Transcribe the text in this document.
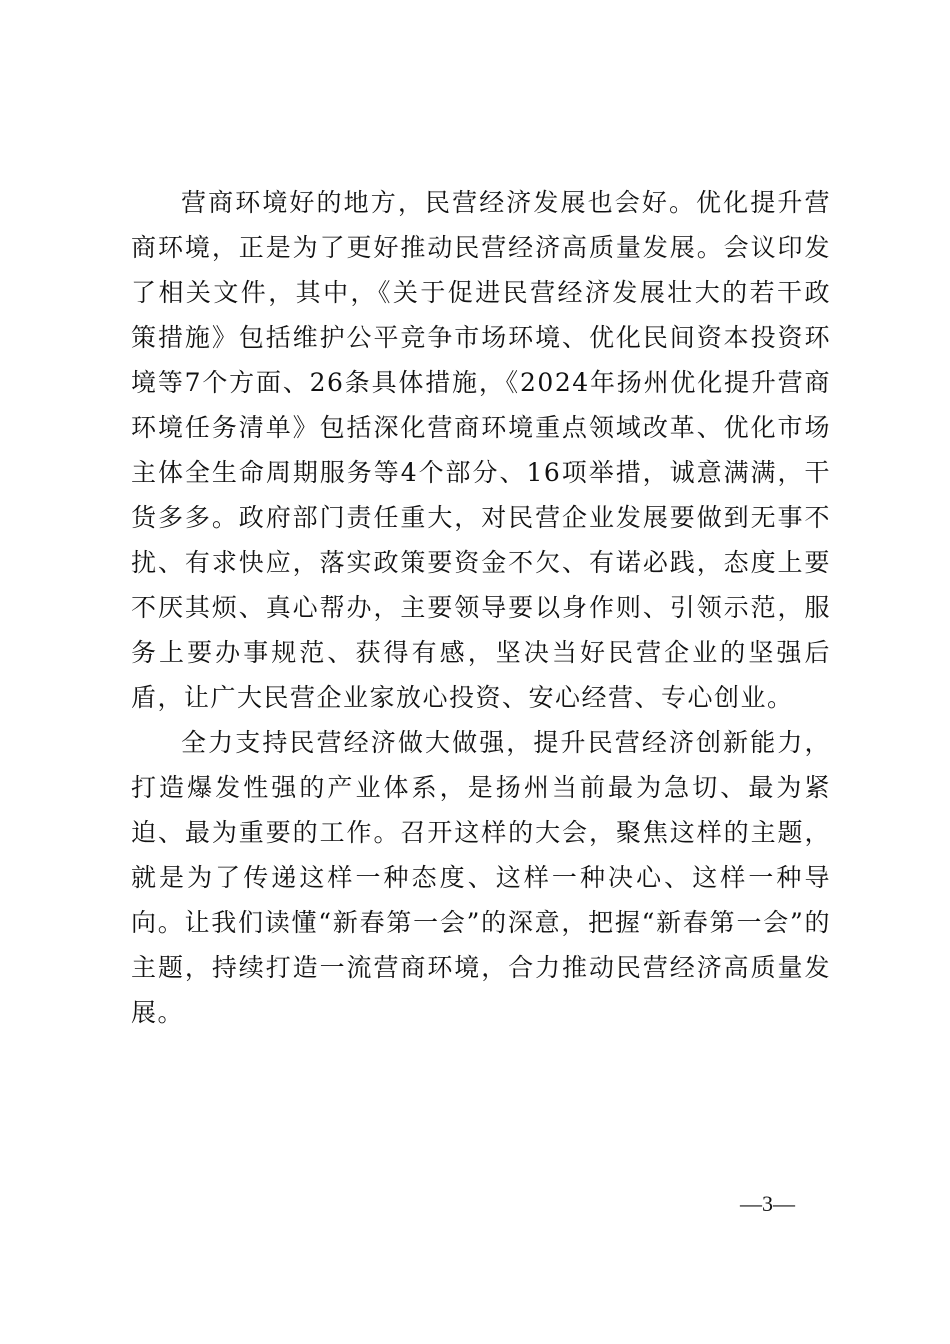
营商环境好的地方，民营经济发展也会好。优化提升营商环境，正是为了更好推动民营经济高质量发展。会议印发了相关文件，其中，《关于促进民营经济发展壮大的若干政策措施》包括维护公平竞争市场环境、优化民间资本投资环境等7个方面、26条具体措施，《2024年扬州优化提升营商环境任务清单》包括深化营商环境重点领域改革、优化市场主体全生命周期服务等4个部分、16项举措，诚意满满，干货多多。政府部门责任重大，对民营企业发展要做到无事不扰、有求快应，落实政策要资金不欠、有诺必践，态度上要不厌其烦、真心帮办，主要领导要以身作则、引领示范，服务上要办事规范、获得有感，坚决当好民营企业的坚强后盾，让广大民营企业家放心投资、安心经营、专心创业。

全力支持民营经济做大做强，提升民营经济创新能力，打造爆发性强的产业体系，是扬州当前最为急切、最为紧迫、最为重要的工作。召开这样的大会，聚焦这样的主题，就是为了传递这样一种态度、这样一种决心、这样一种导向。让我们读懂“新春第一会”的深意，把握“新春第一会”的主题，持续打造一流营商环境，合力推动民营经济高质量发展。

—3—
